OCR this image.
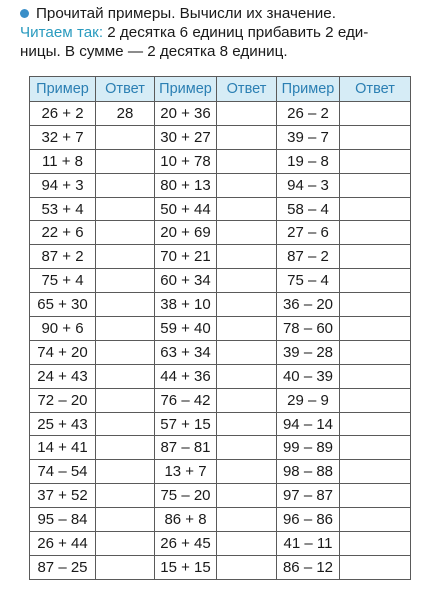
Прочитай примеры. Вычисли их значение.
Читаем так: 2 десятка 6 единиц прибавить 2 еди-
ницы. В сумме — 2 десятка 8 единиц.
Пример	Ответ	Пример	Ответ	Пример	Ответ
26 + 2	28	20 + 36		26 – 2	
32 + 7		30 + 27		39 – 7	
11 + 8		10 + 78		19 – 8	
94 + 3		80 + 13		94 – 3	
53 + 4		50 + 44		58 – 4	
22 + 6		20 + 69		27 – 6	
87 + 2		70 + 21		87 – 2	
75 + 4		60 + 34		75 – 4	
65 + 30		38 + 10		36 – 20	
90 + 6		59 + 40		78 – 60	
74 + 20		63 + 34		39 – 28	
24 + 43		44 + 36		40 – 39	
72 – 20		76 – 42		29 – 9	
25 + 43		57 + 15		94 – 14	
14 + 41		87 – 81		99 – 89	
74 – 54		13 + 7		98 – 88	
37 + 52		75 – 20		97 – 87	
95 – 84		86 + 8		96 – 86	
26 + 44		26 + 45		41 – 11	
87 – 25		15 + 15		86 – 12	
